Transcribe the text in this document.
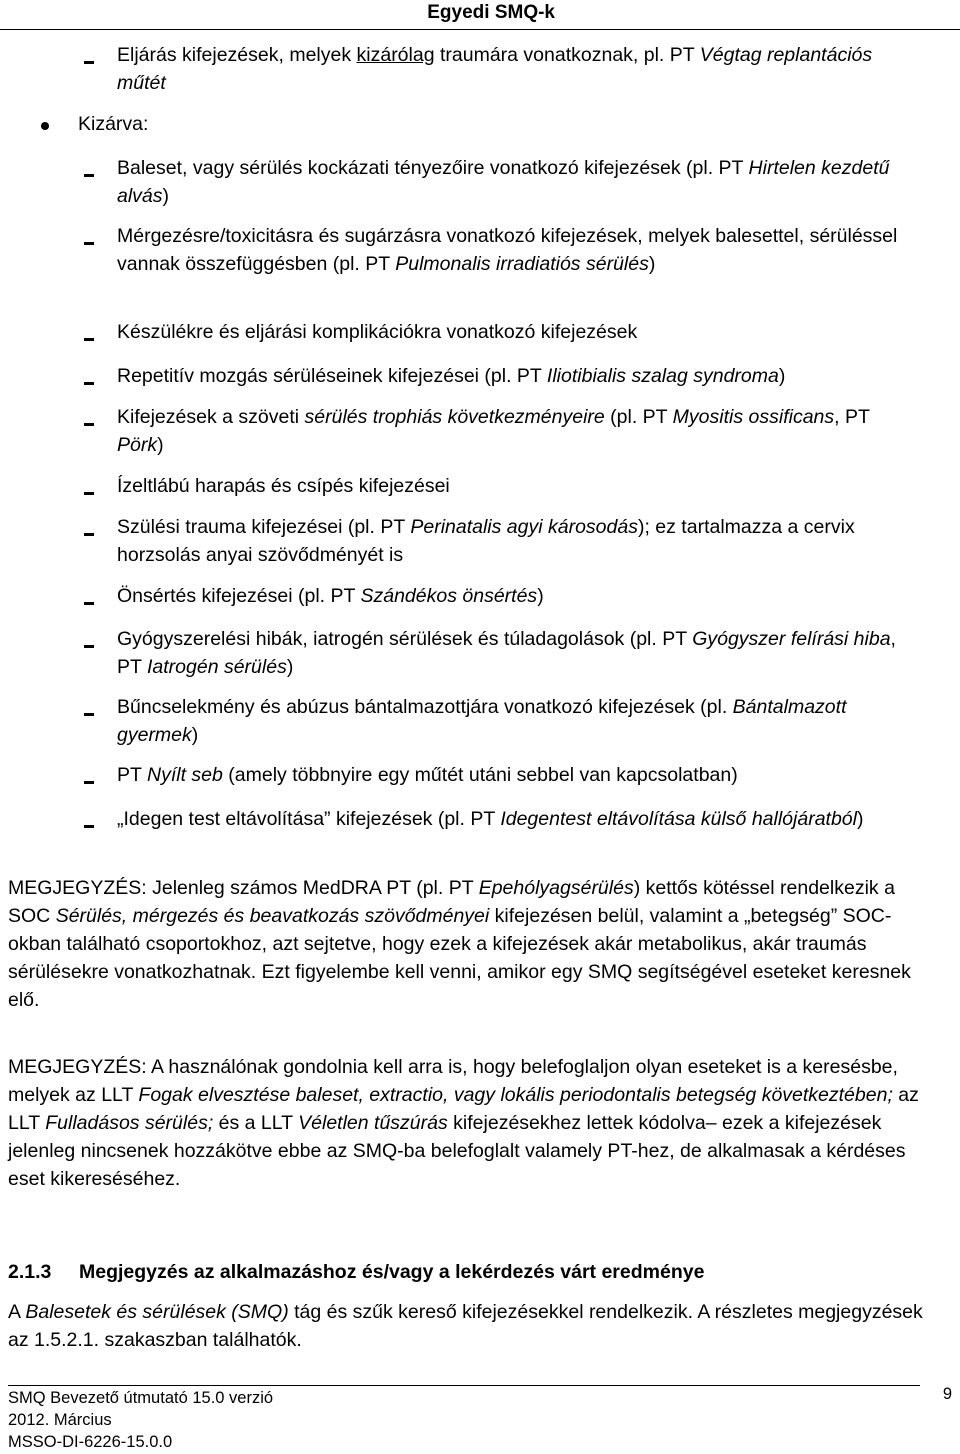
Egyedi SMQ-k
Eljárás kifejezések, melyek kizárólag traumára vonatkoznak, pl. PT Végtag replantációs műtét
Kizárva:
Baleset, vagy sérülés kockázati tényezőire vonatkozó kifejezések (pl. PT Hirtelen kezdetű alvás)
Mérgezésre/toxicitásra és sugárzásra vonatkozó kifejezések, melyek balesettel, sérüléssel vannak összefüggésben (pl. PT Pulmonalis irradiatiós sérülés)
Készülékre és eljárási komplikációkra vonatkozó kifejezések
Repetitív mozgás sérüléseinek kifejezései (pl. PT Iliotibialis szalag syndroma)
Kifejezések a szöveti sérülés trophiás következményeire (pl. PT Myositis ossificans, PT Pörk)
Ízeltlábú harapás és csípés kifejezései
Szülési trauma kifejezései (pl. PT Perinatalis agyi károsodás); ez tartalmazza a cervix horzsolás anyai szövődményét is
Önsértés kifejezései (pl. PT Szándékos önsértés)
Gyógyszerelési hibák, iatrogén sérülések és túladagolások (pl. PT Gyógyszer felírási hiba, PT Iatrogén sérülés)
Bűncselekmény és abúzus bántalmazottjára vonatkozó kifejezések (pl. Bántalmazott gyermek)
PT Nyílt seb (amely többnyire egy műtét utáni sebbel van kapcsolatban)
„Idegen test eltávolítása” kifejezések (pl. PT Idegentest eltávolítása külső hallójáratból)
MEGJEGYZÉS: Jelenleg számos MedDRA PT (pl. PT Epehólyagsérülés) kettős kötéssel rendelkezik a SOC Sérülés, mérgezés és beavatkozás szövődményei kifejezésen belül, valamint a „betegség” SOC-okban található csoportokhoz, azt sejtetve, hogy ezek a kifejezések akár metabolikus, akár traumás sérülésekre vonatkozhatnak. Ezt figyelembe kell venni, amikor egy SMQ segítségével eseteket keresnek elő.
MEGJEGYZÉS: A használónak gondolnia kell arra is, hogy belefoglaljon olyan eseteket is a keresésbe, melyek az LLT Fogak elvesztése baleset, extractio, vagy lokális periodontalis betegség következtében; az LLT Fulladásos sérülés; és a LLT Véletlen tűszúrás kifejezésekhez lettek kódolva– ezek a kifejezések jelenleg nincsenek hozzákötve ebbe az SMQ-ba belefoglalt valamely PT-hez, de alkalmasak a kérdéses eset kikereséséhez.
2.1.3 Megjegyzés az alkalmazáshoz és/vagy a lekérdezés várt eredménye
A Balesetek és sérülések (SMQ) tág és szűk kereső kifejezésekkel rendelkezik. A részletes megjegyzések az 1.5.2.1. szakaszban találhatók.
SMQ Bevezető útmutató 15.0 verzió
2012. Március
MSSO-DI-6226-15.0.0
9
